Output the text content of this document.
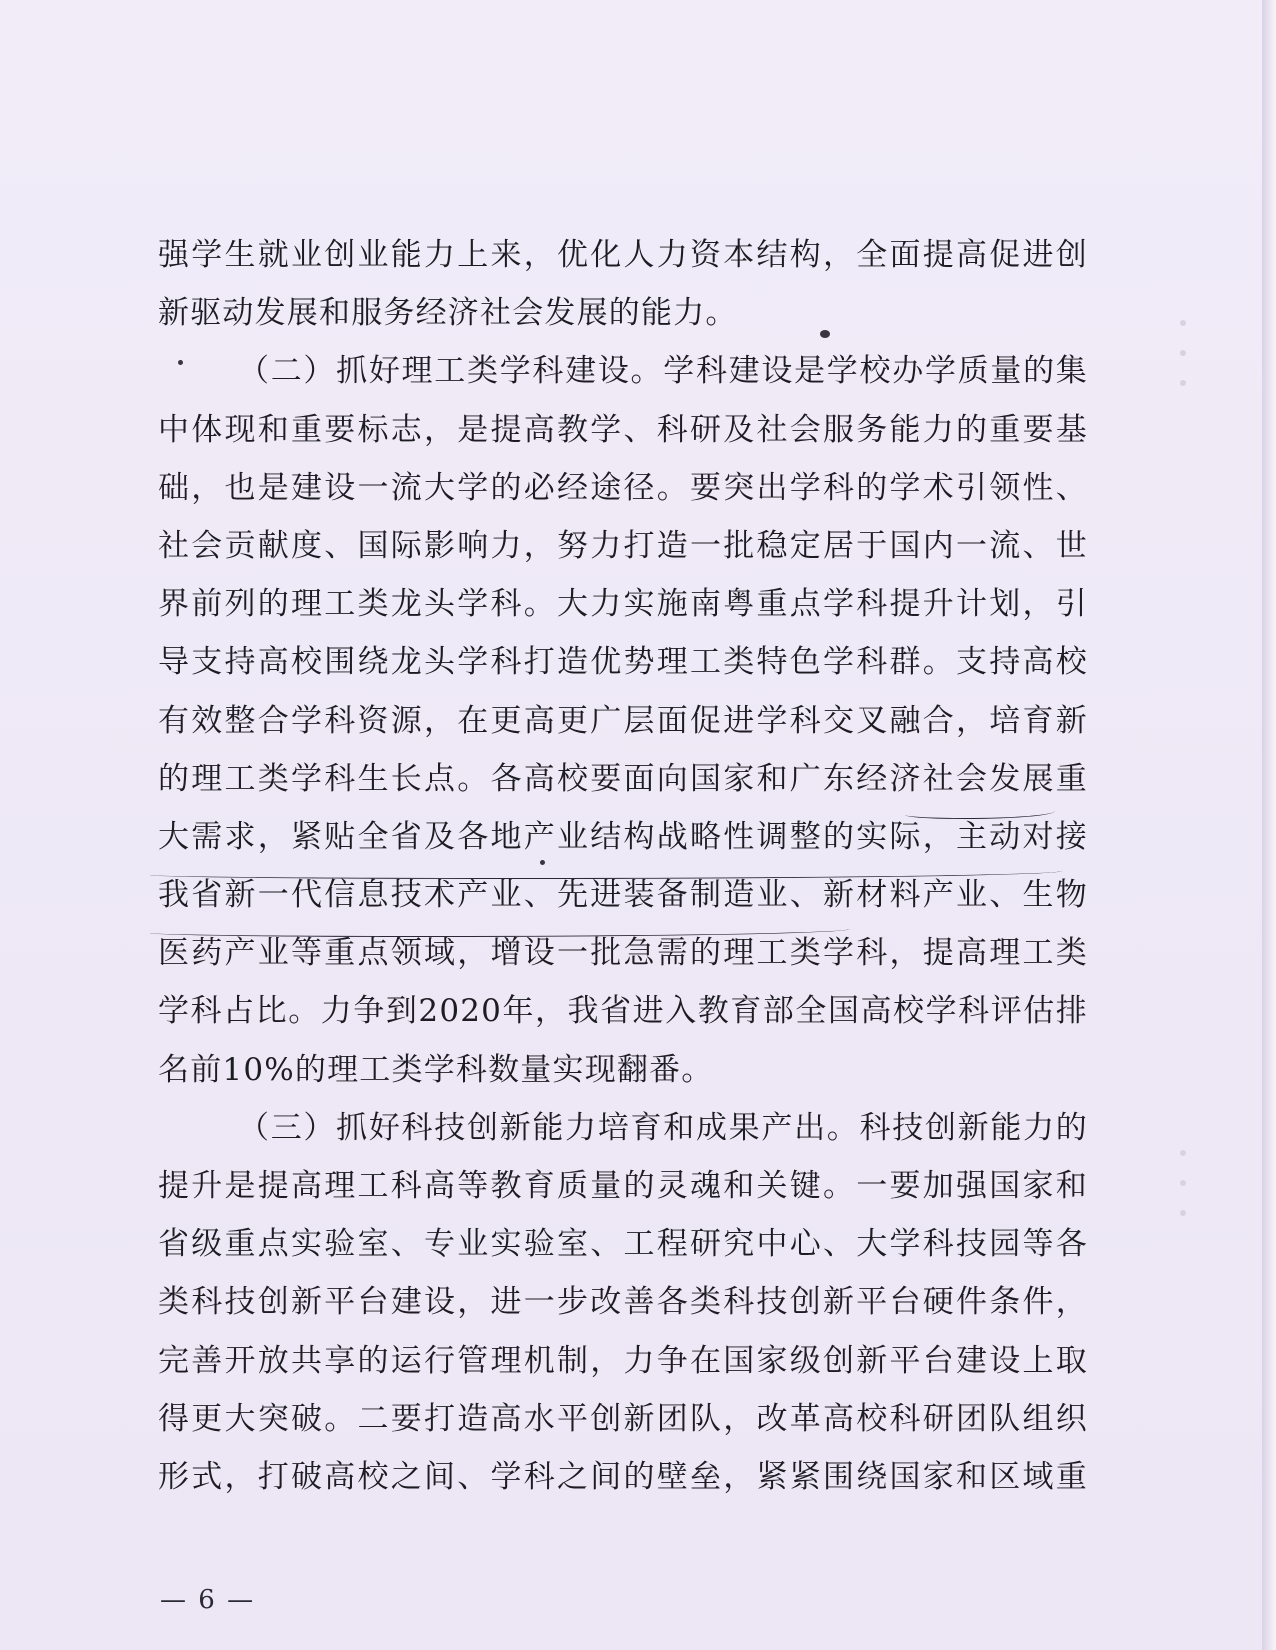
强学生就业创业能力上来，优化人力资本结构，全面提高促进创
新驱动发展和服务经济社会发展的能力。
（二）抓好理工类学科建设。学科建设是学校办学质量的集
中体现和重要标志，是提高教学、科研及社会服务能力的重要基
础，也是建设一流大学的必经途径。要突出学科的学术引领性、
社会贡献度、国际影响力，努力打造一批稳定居于国内一流、世
界前列的理工类龙头学科。大力实施南粤重点学科提升计划，引
导支持高校围绕龙头学科打造优势理工类特色学科群。支持高校
有效整合学科资源，在更高更广层面促进学科交叉融合，培育新
的理工类学科生长点。各高校要面向国家和广东经济社会发展重
大需求，紧贴全省及各地产业结构战略性调整的实际，主动对接
我省新一代信息技术产业、先进装备制造业、新材料产业、生物
医药产业等重点领域，增设一批急需的理工类学科，提高理工类
学科占比。力争到2020年，我省进入教育部全国高校学科评估排
名前10%的理工类学科数量实现翻番。
（三）抓好科技创新能力培育和成果产出。科技创新能力的
提升是提高理工科高等教育质量的灵魂和关键。一要加强国家和
省级重点实验室、专业实验室、工程研究中心、大学科技园等各
类科技创新平台建设，进一步改善各类科技创新平台硬件条件，
完善开放共享的运行管理机制，力争在国家级创新平台建设上取
得更大突破。二要打造高水平创新团队，改革高校科研团队组织
形式，打破高校之间、学科之间的壁垒，紧紧围绕国家和区域重
— 6 —
